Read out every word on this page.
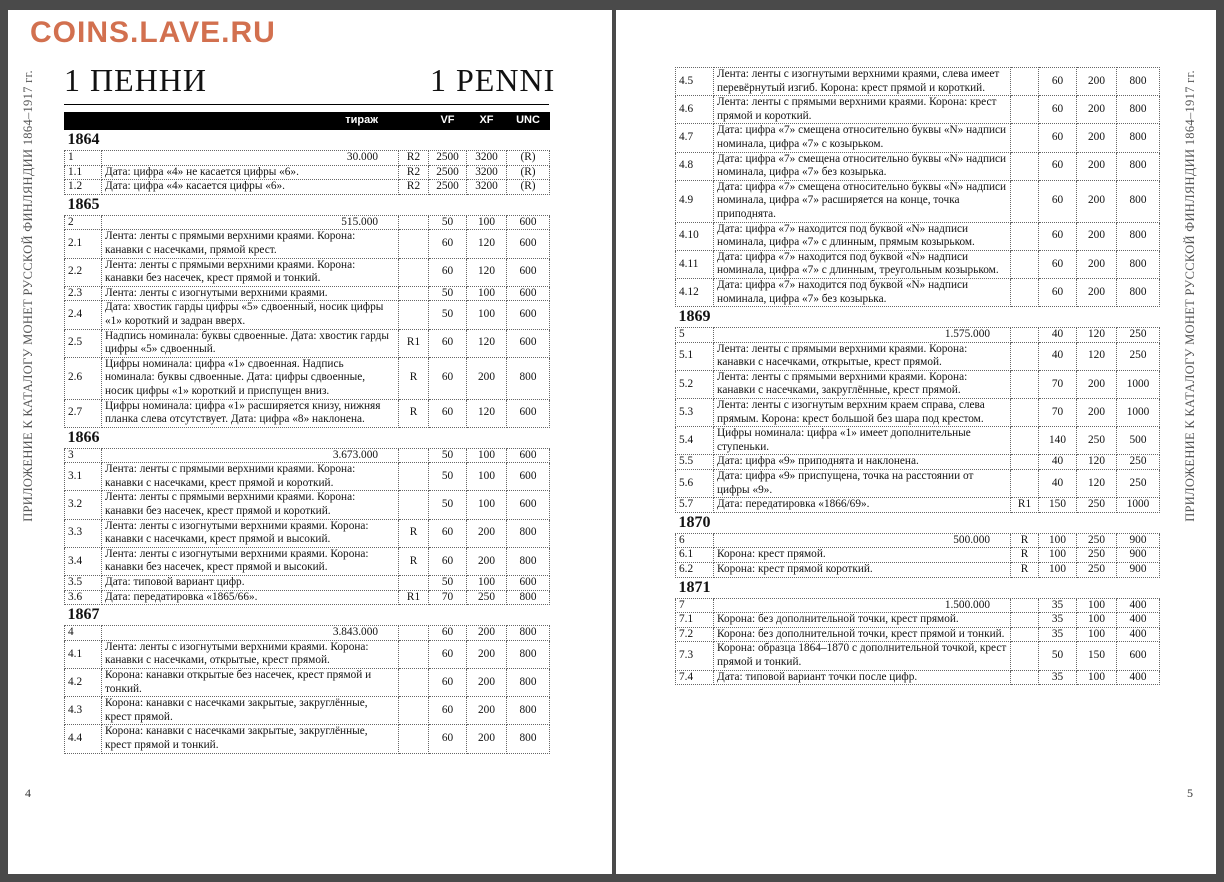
COINS.LAVE.RU
ПРИЛОЖЕНИЕ К КАТАЛОГУ МОНЕТ РУССКОЙ ФИНЛЯНДИИ 1864–1917 гг. 1 ПЕННИ	1 PENNI
	тираж		VF	XF	UNC
1864					
1	30.000	R2	2500	3200	(R)
1.1	Дата: цифра «4» не касается цифры «6».	R2	2500	3200	(R)
1.2	Дата: цифра «4» касается цифры «6».	R2	2500	3200	(R)
1865					
2	515.000		50	100	600
2.1	Лента: ленты с прямыми верхними краями. Корона: канавки с насечками, прямой крест.		60	120	600
2.2	Лента: ленты с прямыми верхними краями. Корона: канавки без насечек, крест прямой и тонкий.		60	120	600
2.3	Лента: ленты с изогнутыми верхними краями.		50	100	600
2.4	Дата: хвостик гарды цифры «5» сдвоенный, носик цифры «1» короткий и задран вверх.		50	100	600
2.5	Надпись номинала: буквы сдвоенные. Дата: хвостик гарды цифры «5» сдвоенный.	R1	60	120	600
2.6	Цифры номинала: цифра «1» сдвоенная. Надпись номинала: буквы сдвоенные. Дата: цифры сдвоенные, носик цифры «1» короткий и приспущен вниз.	R	60	200	800
2.7	Цифры номинала: цифра «1» расширяется книзу, нижняя планка слева отсутствует. Дата: цифра «8» наклонена.	R	60	120	600
1866					
3	3.673.000		50	100	600
3.1	Лента: ленты с прямыми верхними краями. Корона: канавки с насечками, крест прямой и короткий.		50	100	600
3.2	Лента: ленты с прямыми верхними краями. Корона: канавки без насечек, крест прямой и короткий.		50	100	600
3.3	Лента: ленты с изогнутыми верхними краями. Корона: канавки с насечками, крест прямой и высокий.	R	60	200	800
3.4	Лента: ленты с изогнутыми верхними краями. Корона: канавки без насечек, крест прямой и высокий.	R	60	200	800
3.5	Дата: типовой вариант цифр.		50	100	600
3.6	Дата: передатировка «1865/66».	R1	70	250	800
1867					
4	3.843.000		60	200	800
4.1	Лента: ленты с изогнутыми верхними краями. Корона: канавки с насечками, открытые, крест прямой.		60	200	800
4.2	Корона: канавки открытые без насечек, крест прямой и тонкий.		60	200	800
4.3	Корона: канавки с насечками закрытые, закруглённые, крест прямой.		60	200	800
4.4	Корона: канавки с насечками закрытые, закруглённые, крест прямой и тонкий.		60	200	800
4
ПРИЛОЖЕНИЕ К КАТАЛОГУ МОНЕТ РУССКОЙ ФИНЛЯНДИИ 1864–1917 гг.
4.5	Лента: ленты с изогнутыми верхними краями, слева имеет перевёрнутый изгиб. Корона: крест прямой и короткий.		60	200	800
4.6	Лента: ленты с прямыми верхними краями. Корона: крест прямой и короткий.		60	200	800
4.7	Дата: цифра «7» смещена относительно буквы «N» надписи номинала, цифра «7» с козырьком.		60	200	800
4.8	Дата: цифра «7» смещена относительно буквы «N» надписи номинала, цифра «7» без козырька.		60	200	800
4.9	Дата: цифра «7» смещена относительно буквы «N» надписи номинала, цифра «7» расширяется на конце, точка приподнята.		60	200	800
4.10	Дата: цифра «7» находится под буквой «N» надписи номинала, цифра «7» с длинным, прямым козырьком.		60	200	800
4.11	Дата: цифра «7» находится под буквой «N» надписи номинала, цифра «7» с длинным, треугольным козырьком.		60	200	800
4.12	Дата: цифра «7» находится под буквой «N» надписи номинала, цифра «7» без козырька.		60	200	800
1869					
5	1.575.000		40	120	250
5.1	Лента: ленты с прямыми верхними краями. Корона: канавки с насечками, открытые, крест прямой.		40	120	250
5.2	Лента: ленты с прямыми верхними краями. Корона: канавки с насечками, закруглённые, крест прямой.		70	200	1000
5.3	Лента: ленты с изогнутым верхним краем справа, слева прямым. Корона: крест большой без шара под крестом.		70	200	1000
5.4	Цифры номинала: цифра «1» имеет дополнительные ступеньки.		140	250	500
5.5	Дата: цифра «9» приподнята и наклонена.		40	120	250
5.6	Дата: цифра «9» приспущена, точка на расстоянии от цифры «9».		40	120	250
5.7	Дата: передатировка «1866/69».	R1	150	250	1000
1870					
6	500.000	R	100	250	900
6.1	Корона: крест прямой.	R	100	250	900
6.2	Корона: крест прямой короткий.	R	100	250	900
1871					
7	1.500.000		35	100	400
7.1	Корона: без дополнительной точки, крест прямой.		35	100	400
7.2	Корона: без дополнительной точки, крест прямой и тонкий.		35	100	400
7.3	Корона: образца 1864–1870 с дополнительной точкой, крест прямой и тонкий.		50	150	600
7.4	Дата: типовой вариант точки после цифр.		35	100	400
5
